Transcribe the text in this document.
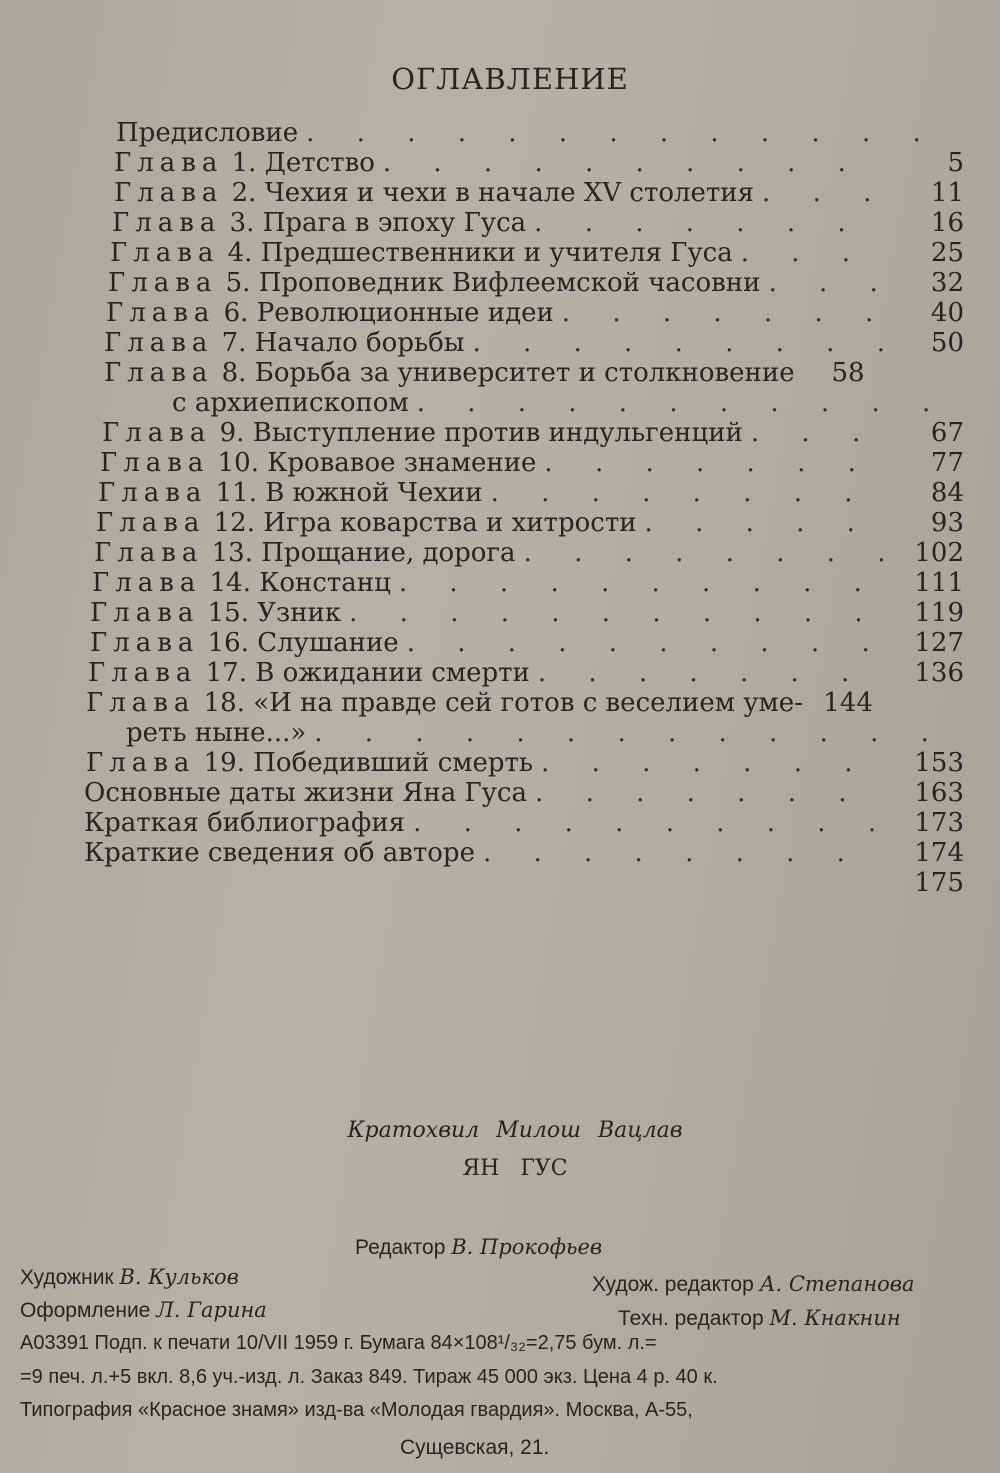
ОГЛАВЛЕНИЕ
Предисловие
. . .
Глава 1. Детство . . .	5
Глава 2. Чехия и чехи в начале XV столетия . . .	11
Глава 3. Прага в эпоху Гуса . . .	16
Глава 4. Предшественники и учителя Гуса . . .	25
Глава 5. Проповедник Вифлеемской часовни . . .	32
Глава 6. Революционные идеи . . .	40
Глава 7. Начало борьбы . . .	50
Глава 8. Борьба за университет и столкновение	58
с архиепископом
. . .
Глава 9. Выступление против индульгенций . . .	67
Глава 10. Кровавое знамение . . .	77
Глава 11. В южной Чехии . . .	84
Глава 12. Игра коварства и хитрости . . .	93
Глава 13. Прощание, дорога . . .	102
Глава 14. Констанц . . .	111
Глава 15. Узник . . .	119
Глава 16. Слушание . . .	127
Глава 17. В ожидании смерти . . .	136
Глава 18. «И на правде сей готов с веселием уме- 144
реть ныне...»
. . .
Глава 19. Победивший смерть . . .	153
Основные даты жизни Яна Гуса . . .	163
Краткая библиография . . .	173
Краткие сведения об авторе . . .	174
175
Кратохвил Милош Вацлав
ЯН ГУС
Редактор В. Прокофьев
Художник В. Кульков	Худож. редактор А. Степанова
Оформление Л. Гарина	Техн. редактор М. Кнакнин
А03391 Подп. к печати 10/VII 1959 г. Бумага 84×108¹/₃₂=2,75 бум. л.=
=9 печ. л.+5 вкл. 8,6 уч.-изд. л. Заказ 849. Тираж 45 000 экз. Цена 4 р. 40 к.
Типография «Красное знамя» изд-ва «Молодая гвардия». Москва, А-55,
Сущевская, 21.
